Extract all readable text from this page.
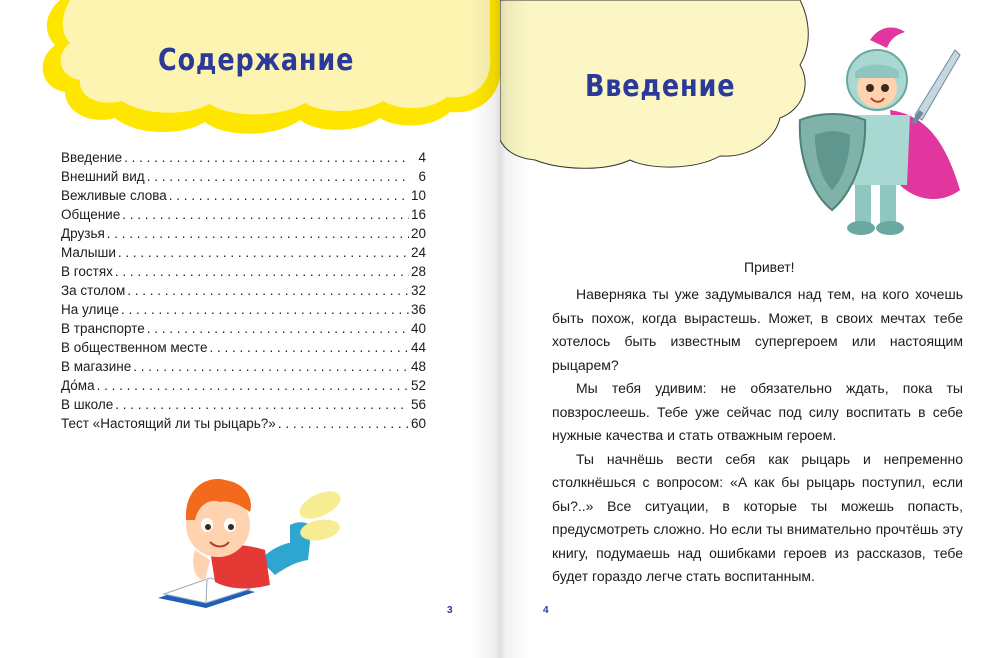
Содержание
Введение . . .	4
Внешний вид . . .	6
Вежливые слова . . .	10
Общение . . .	16
Друзья . . .	20
Малыши . . .	24
В гостях . . .	28
За столом . . .	32
На улице . . .	36
В транспорте . . .	40
В общественном месте . . .	44
В магазине . . .	48
До́ма . . .	52
В школе . . .	56
Тест «Настоящий ли ты рыцарь?» . . .	60
3
Введение
4
Привет!

Наверняка ты уже задумывался над тем, на кого хочешь быть похож, когда вырастешь. Может, в своих мечтах тебе хотелось быть известным супергероем или настоящим рыцарем?

Мы тебя удивим: не обязательно ждать, пока ты повзрослеешь. Тебе уже сейчас под силу воспитать в себе нужные качества и стать отважным героем.

Ты начнёшь вести себя как рыцарь и непременно столкнёшься с вопросом: «А как бы рыцарь поступил, если бы?..» Все ситуации, в которые ты можешь попасть, предусмотреть сложно. Но если ты внимательно прочтёшь эту книгу, подумаешь над ошибками героев из рассказов, тебе будет гораздо легче стать воспитанным.
